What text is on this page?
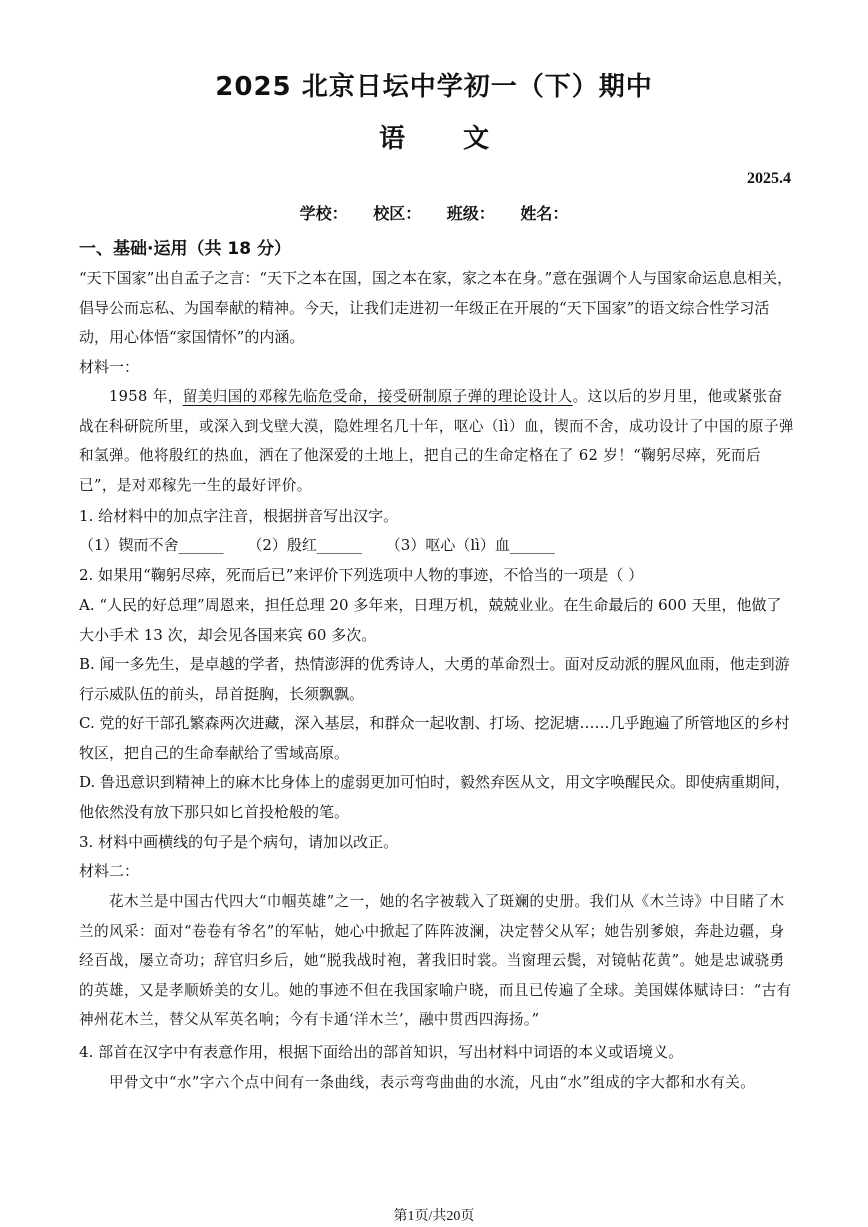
2025 北京日坛中学初一（下）期中
语文
2025.4
学校： 校区： 班级： 姓名：
一、基础·运用（共 18 分）
“天下国家”出自孟子之言：“天下之本在国，国之本在家，家之本在身。”意在强调个人与国家命运息息相关，倡导公而忘私、为国奉献的精神。今天，让我们走进初一年级正在开展的“天下国家”的语文综合性学习活动，用心体悟“家国情怀”的内涵。
材料一：
1958 年，留美归国的邓稼先临危受命，接受研制原子弹的理论设计人。这以后的岁月里，他或紧张奋战在科研院所里，或深入到戈壁大漠，隐姓埋名几十年，呕心（lì）血，锲而不舍，成功设计了中国的原子弹和氢弹。他将殷红的热血，洒在了他深爱的土地上，把自己的生命定格在了 62 岁！“鞠躬尽瘁，死而后已”，是对邓稼先一生的最好评价。
1. 给材料中的加点字注音，根据拼音写出汉字。
（1）锲而不舍______ （2）殷红______ （3）呕心（lì）血______
2. 如果用“鞠躬尽瘁，死而后已”来评价下列选项中人物的事迹，不恰当的一项是（ ）
A. “人民的好总理”周恩来，担任总理 20 多年来，日理万机，兢兢业业。在生命最后的 600 天里，他做了大小手术 13 次，却会见各国来宾 60 多次。
B. 闻一多先生，是卓越的学者，热情澎湃的优秀诗人，大勇的革命烈士。面对反动派的腥风血雨，他走到游行示威队伍的前头，昂首挺胸，长须飘飘。
C. 党的好干部孔繁森两次进藏，深入基层，和群众一起收割、打场、挖泥塘……几乎跑遍了所管地区的乡村牧区，把自己的生命奉献给了雪域高原。
D. 鲁迅意识到精神上的麻木比身体上的虚弱更加可怕时，毅然弃医从文，用文字唤醒民众。即使病重期间，他依然没有放下那只如匕首投枪般的笔。
3. 材料中画横线的句子是个病句，请加以改正。
材料二：
花木兰是中国古代四大“巾帼英雄”之一，她的名字被载入了斑斓的史册。我们从《木兰诗》中目睹了木兰的风采：面对“卷卷有爷名”的军帖，她心中掀起了阵阵波澜，决定替父从军；她告别爹娘，奔赴边疆，身经百战，屡立奇功；辞官归乡后，她“脱我战时袍，著我旧时裳。当窗理云鬓，对镜帖花黄”。她是忠诚骁勇的英雄，又是孝顺娇美的女儿。她的事迹不但在我国家喻户晓，而且已传遍了全球。美国媒体赋诗曰：“古有神州花木兰，替父从军英名响；今有卡通‘洋木兰’，融中贯西四海扬。”
4. 部首在汉字中有表意作用，根据下面给出的部首知识，写出材料中词语的本义或语境义。
甲骨文中“水”字六个点中间有一条曲线，表示弯弯曲曲的水流，凡由“水”组成的字大都和水有关。
第1页/共20页
